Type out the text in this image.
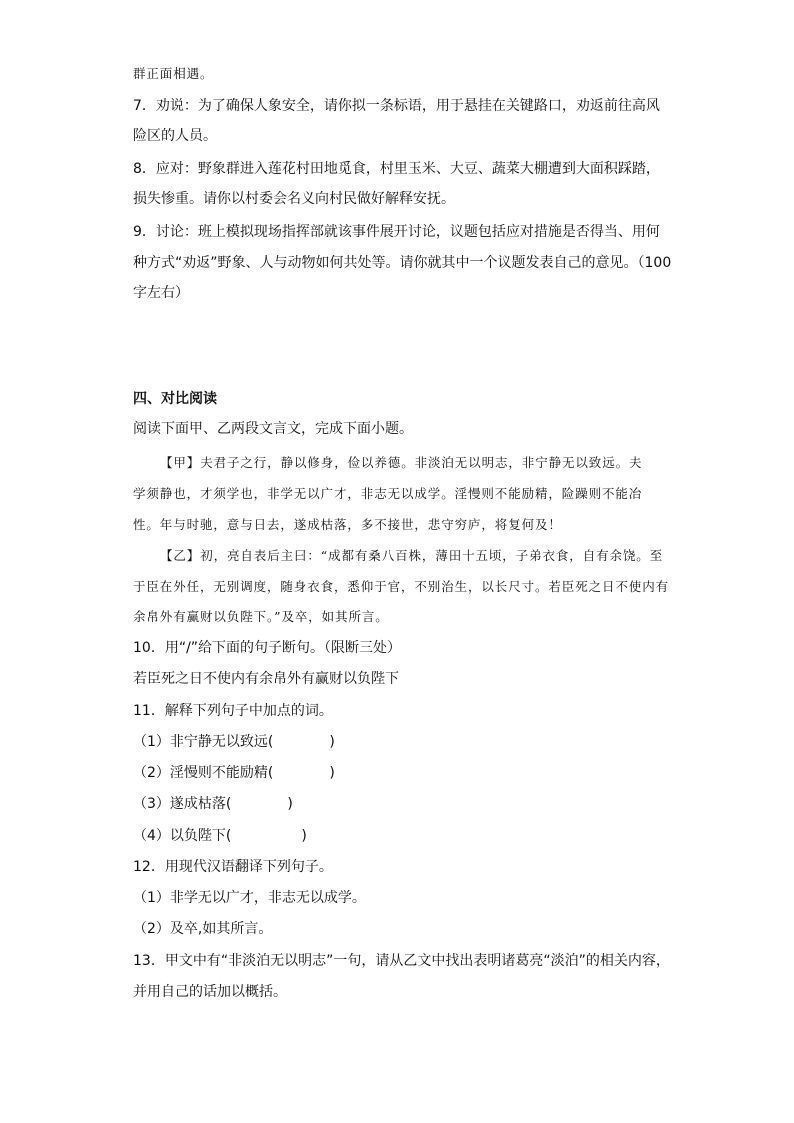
群正面相遇。
7．劝说：为了确保人象安全，请你拟一条标语，用于悬挂在关键路口，劝返前往高风
险区的人员。
8．应对：野象群进入莲花村田地觅食，村里玉米、大豆、蔬菜大棚遭到大面积踩踏，
损失惨重。请你以村委会名义向村民做好解释安抚。
9．讨论：班上模拟现场指挥部就该事件展开讨论，议题包括应对措施是否得当、用何
种方式“劝返”野象、人与动物如何共处等。请你就其中一个议题发表自己的意见。（100
字左右）
四、对比阅读
阅读下面甲、乙两段文言文，完成下面小题。
【甲】夫君子之行，静以修身，俭以养德。非淡泊无以明志，非宁静无以致远。夫
学须静也，才须学也，非学无以广才，非志无以成学。淫慢则不能励精，险躁则不能冶
性。年与时驰，意与日去，遂成枯落，多不接世，悲守穷庐，将复何及！
【乙】初，亮自表后主曰：“成都有桑八百株，薄田十五顷，子弟衣食，自有余饶。至
于臣在外任，无别调度，随身衣食，悉仰于官，不别治生，以长尺寸。若臣死之日不使内有
余帛外有赢财以负陛下。”及卒，如其所言。
10．用“/”给下面的句子断句。（限断三处）
若臣死之日不使内有余帛外有赢财以负陛下
11．解释下列句子中加点的词。
（1）非宁静无以致远(　　　　)
（2）淫慢则不能励精(　　　　)
（3）遂成枯落(　　　　)
（4）以负陛下(　　　　　)
12．用现代汉语翻译下列句子。
（1）非学无以广才，非志无以成学。
（2）及卒,如其所言。
13．甲文中有“非淡泊无以明志”一句，请从乙文中找出表明诸葛亮“淡泊”的相关内容，
并用自己的话加以概括。
